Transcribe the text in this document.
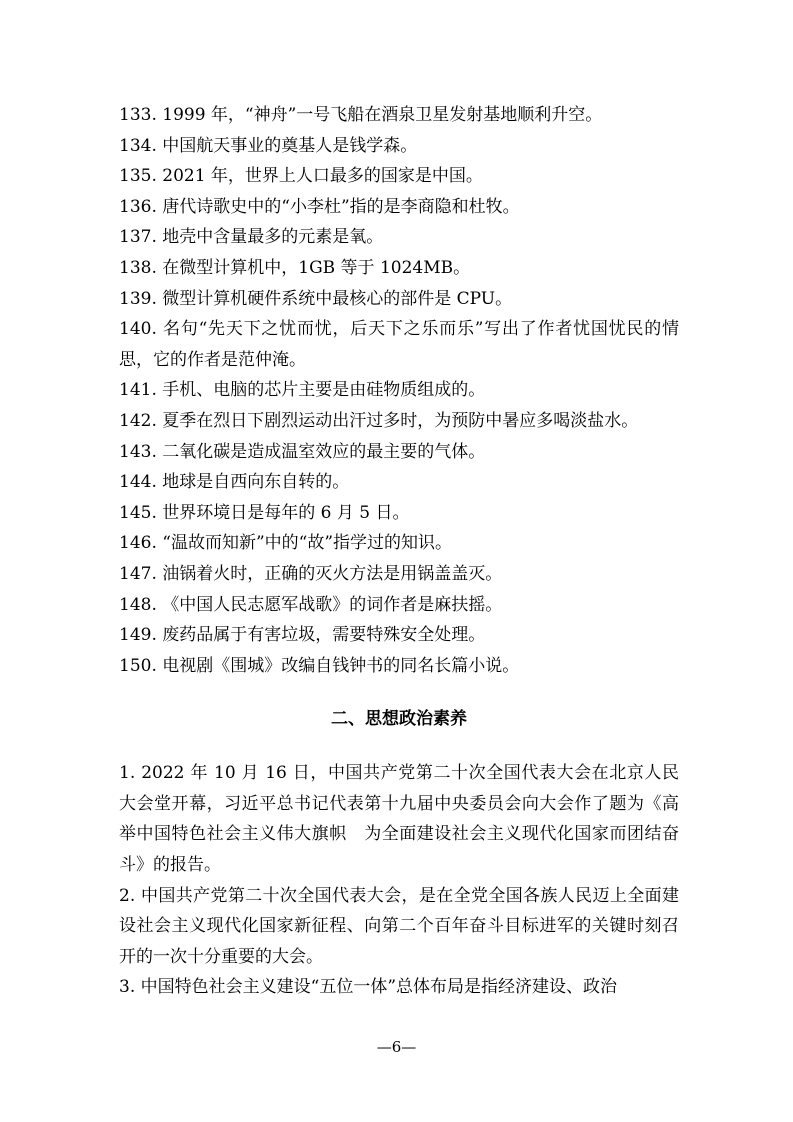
133. 1999 年，“神舟”一号飞船在酒泉卫星发射基地顺利升空。
134. 中国航天事业的奠基人是钱学森。
135. 2021 年，世界上人口最多的国家是中国。
136. 唐代诗歌史中的“小李杜”指的是李商隐和杜牧。
137. 地壳中含量最多的元素是氧。
138. 在微型计算机中，1GB 等于 1024MB。
139. 微型计算机硬件系统中最核心的部件是 CPU。
140. 名句“先天下之忧而忧，后天下之乐而乐”写出了作者忧国忧民的情思，它的作者是范仲淹。
141. 手机、电脑的芯片主要是由硅物质组成的。
142. 夏季在烈日下剧烈运动出汗过多时，为预防中暑应多喝淡盐水。
143. 二氧化碳是造成温室效应的最主要的气体。
144. 地球是自西向东自转的。
145. 世界环境日是每年的 6 月 5 日。
146. “温故而知新”中的“故”指学过的知识。
147. 油锅着火时，正确的灭火方法是用锅盖盖灭。
148. 《中国人民志愿军战歌》的词作者是麻扶摇。
149. 废药品属于有害垃圾，需要特殊安全处理。
150. 电视剧《围城》改编自钱钟书的同名长篇小说。
二、思想政治素养
1. 2022 年 10 月 16 日，中国共产党第二十次全国代表大会在北京人民大会堂开幕，习近平总书记代表第十九届中央委员会向大会作了题为《高举中国特色社会主义伟大旗帜　为全面建设社会主义现代化国家而团结奋斗》的报告。
2. 中国共产党第二十次全国代表大会，是在全党全国各族人民迈上全面建设社会主义现代化国家新征程、向第二个百年奋斗目标进军的关键时刻召开的一次十分重要的大会。
3. 中国特色社会主义建设“五位一体”总体布局是指经济建设、政治
—6—
